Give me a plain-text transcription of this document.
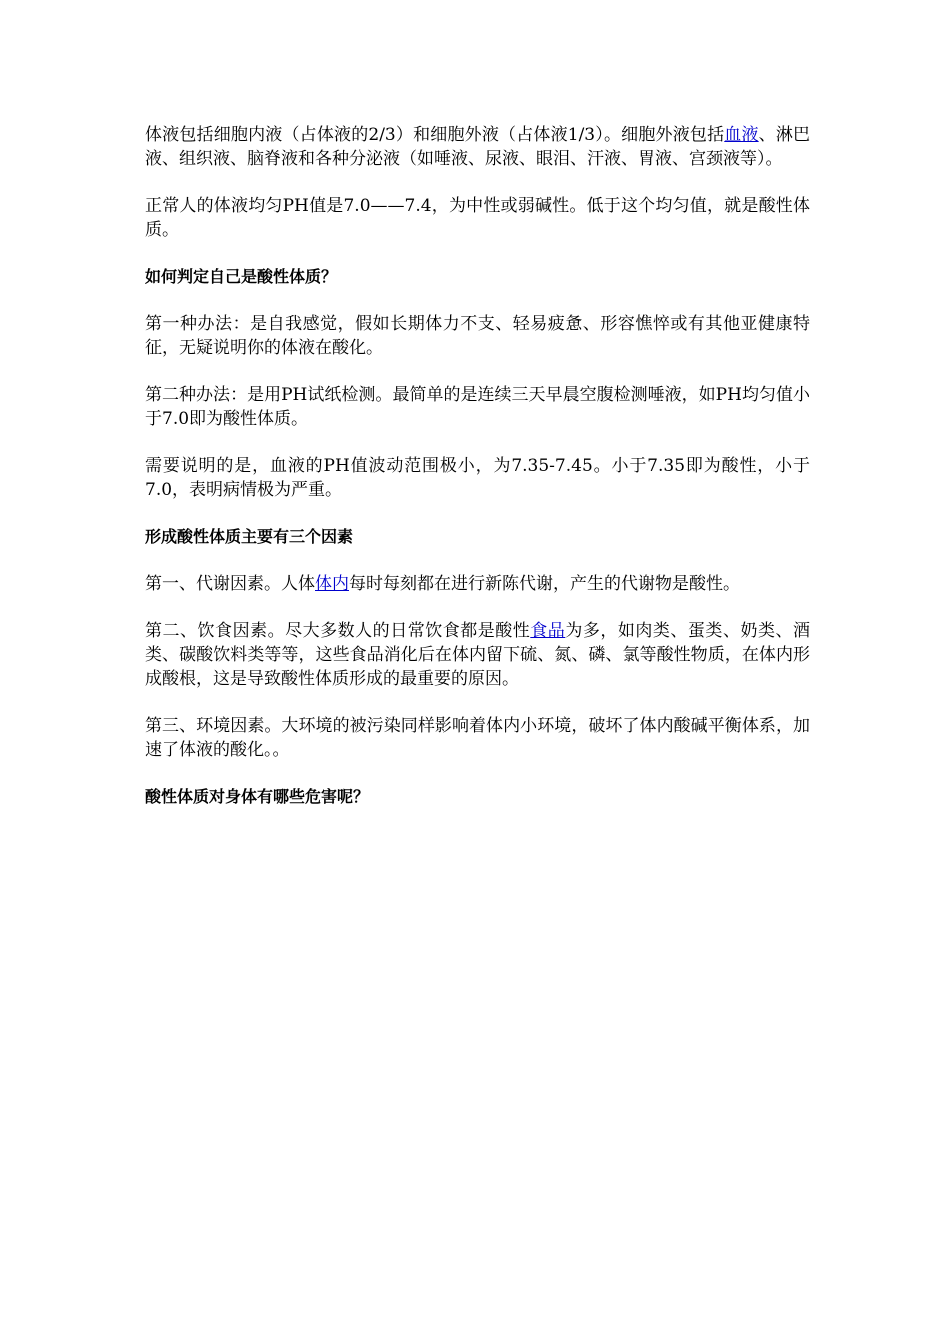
体液包括细胞内液（占体液的2/3）和细胞外液（占体液1/3）。细胞外液包括血液、淋巴液、组织液、脑脊液和各种分泌液（如唾液、尿液、眼泪、汗液、胃液、宫颈液等）。

正常人的体液均匀PH值是7.0——7.4，为中性或弱碱性。低于这个均匀值，就是酸性体质。

如何判定自己是酸性体质？

第一种办法：是自我感觉，假如长期体力不支、轻易疲惫、形容憔悴或有其他亚健康特征，无疑说明你的体液在酸化。

第二种办法：是用PH试纸检测。最简单的是连续三天早晨空腹检测唾液，如PH均匀值小于7.0即为酸性体质。

需要说明的是，血液的PH值波动范围极小，为7.35-7.45。小于7.35即为酸性，小于7.0，表明病情极为严重。

形成酸性体质主要有三个因素

第一、代谢因素。人体体内每时每刻都在进行新陈代谢，产生的代谢物是酸性。

第二、饮食因素。尽大多数人的日常饮食都是酸性食品为多，如肉类、蛋类、奶类、酒类、碳酸饮料类等等，这些食品消化后在体内留下硫、氮、磷、氯等酸性物质，在体内形成酸根，这是导致酸性体质形成的最重要的原因。

第三、环境因素。大环境的被污染同样影响着体内小环境，破坏了体内酸碱平衡体系，加速了体液的酸化。。

酸性体质对身体有哪些危害呢？
